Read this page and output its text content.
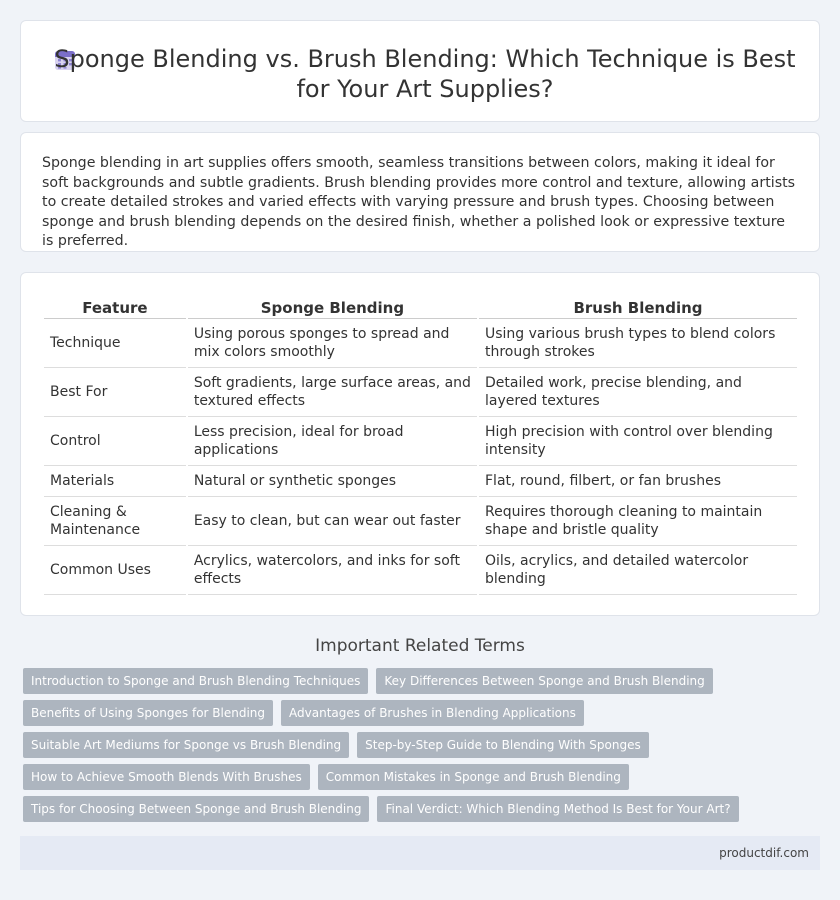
Sponge Blending vs. Brush Blending: Which Technique is Best for Your Art Supplies?

Sponge blending in art supplies offers smooth, seamless transitions between colors, making it ideal for soft backgrounds and subtle gradients. Brush blending provides more control and texture, allowing artists to create detailed strokes and varied effects with varying pressure and brush types. Choosing between sponge and brush blending depends on the desired finish, whether a polished look or expressive texture is preferred.

Feature	Sponge Blending	Brush Blending
Technique	Using porous sponges to spread and mix colors smoothly	Using various brush types to blend colors through strokes
Best For	Soft gradients, large surface areas, and textured effects	Detailed work, precise blending, and layered textures
Control	Less precision, ideal for broad applications	High precision with control over blending intensity
Materials	Natural or synthetic sponges	Flat, round, filbert, or fan brushes
Cleaning & Maintenance	Easy to clean, but can wear out faster	Requires thorough cleaning to maintain shape and bristle quality
Common Uses	Acrylics, watercolors, and inks for soft effects	Oils, acrylics, and detailed watercolor blending
Important Related Terms
Introduction to Sponge and Brush Blending Techniques	Key Differences Between Sponge and Brush Blending
Benefits of Using Sponges for Blending	Advantages of Brushes in Blending Applications
Suitable Art Mediums for Sponge vs Brush Blending	Step-by-Step Guide to Blending With Sponges
How to Achieve Smooth Blends With Brushes	Common Mistakes in Sponge and Brush Blending
Tips for Choosing Between Sponge and Brush Blending	Final Verdict: Which Blending Method Is Best for Your Art?
productdif.com
